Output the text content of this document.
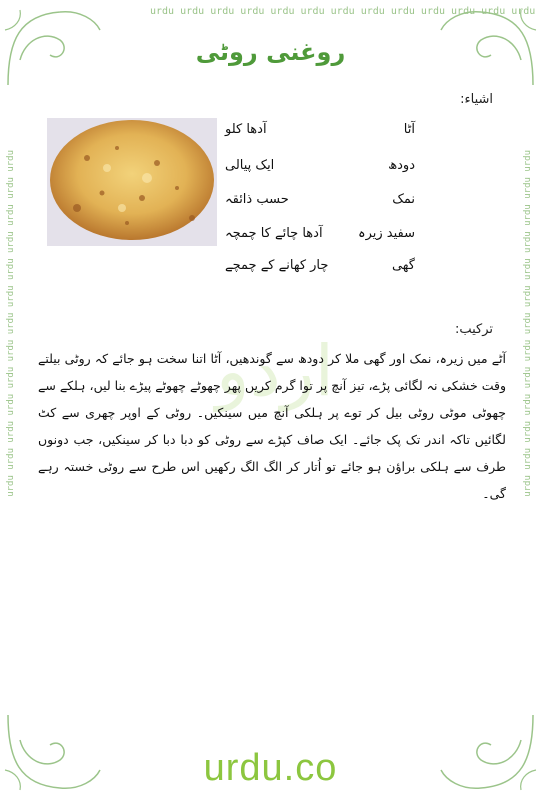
urdu urdu urdu urdu urdu urdu urdu urdu urdu urdu urdu urdu urdu
urdu urdu urdu urdu urdu urdu urdu urdu urdu urdu urdu urdu urdu	urdu urdu urdu urdu urdu urdu urdu urdu urdu urdu urdu urdu urdu
روغنی روٹی
اشیاء:
آٹا
آدھا کلو
دودھ
ایک پیالی
نمک
حسب ذائقہ
سفید زیرہ
آدھا چائے کا چمچہ
گھی
چار کھانے کے چمچے
ترکیب:
ﺍﺭﺩﻭ
آٹے میں زیرہ، نمک اور گھی ملا کر دودھ سے گوندھیں، آٹا اتنا سخت ہو جائے کہ روٹی بیلتے وقت خشکی نہ لگائی پڑے، تیز آنچ پر توا گرم کریں پھر چھوٹے چھوٹے پیڑے بنا لیں، ہلکے سے چھوٹی موٹی روٹی بیل کر توے پر ہلکی آنچ میں سینکیں۔ روٹی کے اوپر چھری سے کٹ لگائیں تاکہ اندر تک پک جائے۔ ایک صاف کپڑے سے روٹی کو دبا دبا کر سینکیں، جب دونوں طرف سے ہلکی براؤن ہو جائے تو اُتار کر الگ الگ رکھیں اس طرح سے روٹی خستہ رہے گی۔
urdu.co
